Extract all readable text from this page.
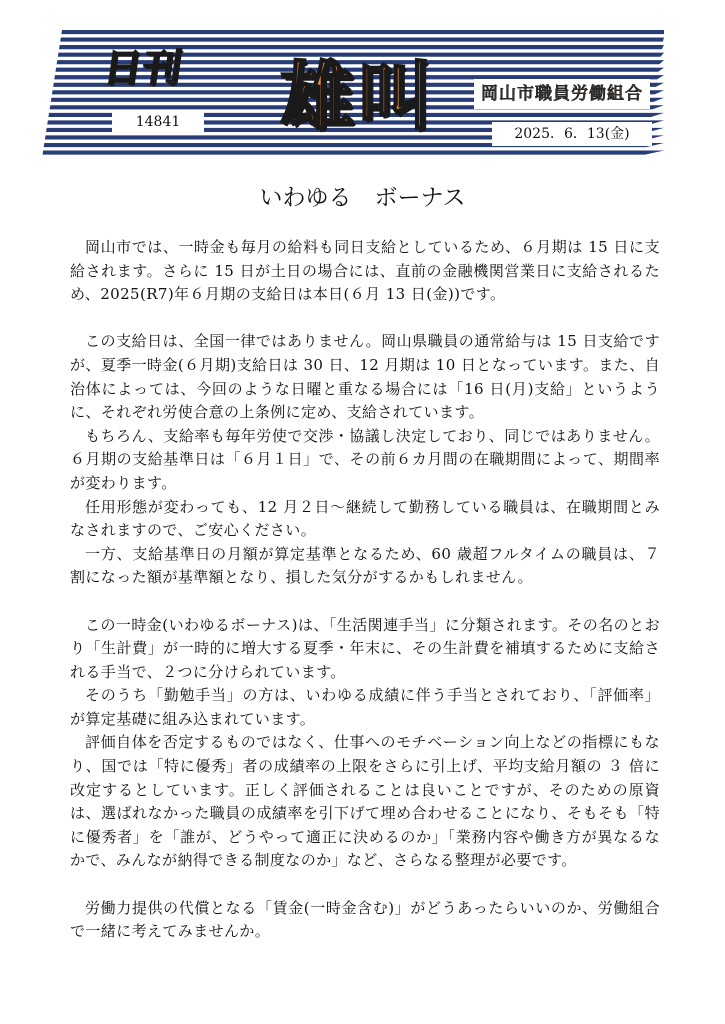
日刊 雄叫
14841
岡山市職員労働組合
2025．6．13(金)
いわゆる　ボーナス

岡山市では、一時金も毎月の給料も同日支給としているため、６月期は 15 日に支給されます。さらに 15 日が土日の場合には、直前の金融機関営業日に支給されるため、2025(R7)年６月期の支給日は本日(６月 13 日(金))です。

この支給日は、全国一律ではありません。岡山県職員の通常給与は 15 日支給ですが、夏季一時金(６月期)支給日は 30 日、12 月期は 10 日となっています。また、自治体によっては、今回のような日曜と重なる場合には「16 日(月)支給」というように、それぞれ労使合意の上条例に定め、支給されています。

もちろん、支給率も毎年労使で交渉・協議し決定しており、同じではありません。６月期の支給基準日は「６月１日」で、その前６カ月間の在職期間によって、期間率が変わります。

任用形態が変わっても、12 月２日～継続して勤務している職員は、在職期間とみなされますので、ご安心ください。

一方、支給基準日の月額が算定基準となるため、60 歳超フルタイムの職員は、７割になった額が基準額となり、損した気分がするかもしれません。

この一時金(いわゆるボーナス)は、「生活関連手当」に分類されます。その名のとおり「生計費」が一時的に増大する夏季・年末に、その生計費を補填するために支給される手当で、２つに分けられています。

そのうち「勤勉手当」の方は、いわゆる成績に伴う手当とされており、「評価率」が算定基礎に組み込まれています。

評価自体を否定するものではなく、仕事へのモチベーション向上などの指標にもなり、国では「特に優秀」者の成績率の上限をさらに引上げ、平均支給月額の ３ 倍に改定するとしています。正しく評価されることは良いことですが、そのための原資は、選ばれなかった職員の成績率を引下げて埋め合わせることになり、そもそも「特に優秀者」を「誰が、どうやって適正に決めるのか」「業務内容や働き方が異なるなかで、みんなが納得できる制度なのか」など、さらなる整理が必要です。

労働力提供の代償となる「賃金(一時金含む)」がどうあったらいいのか、労働組合で一緒に考えてみませんか。
